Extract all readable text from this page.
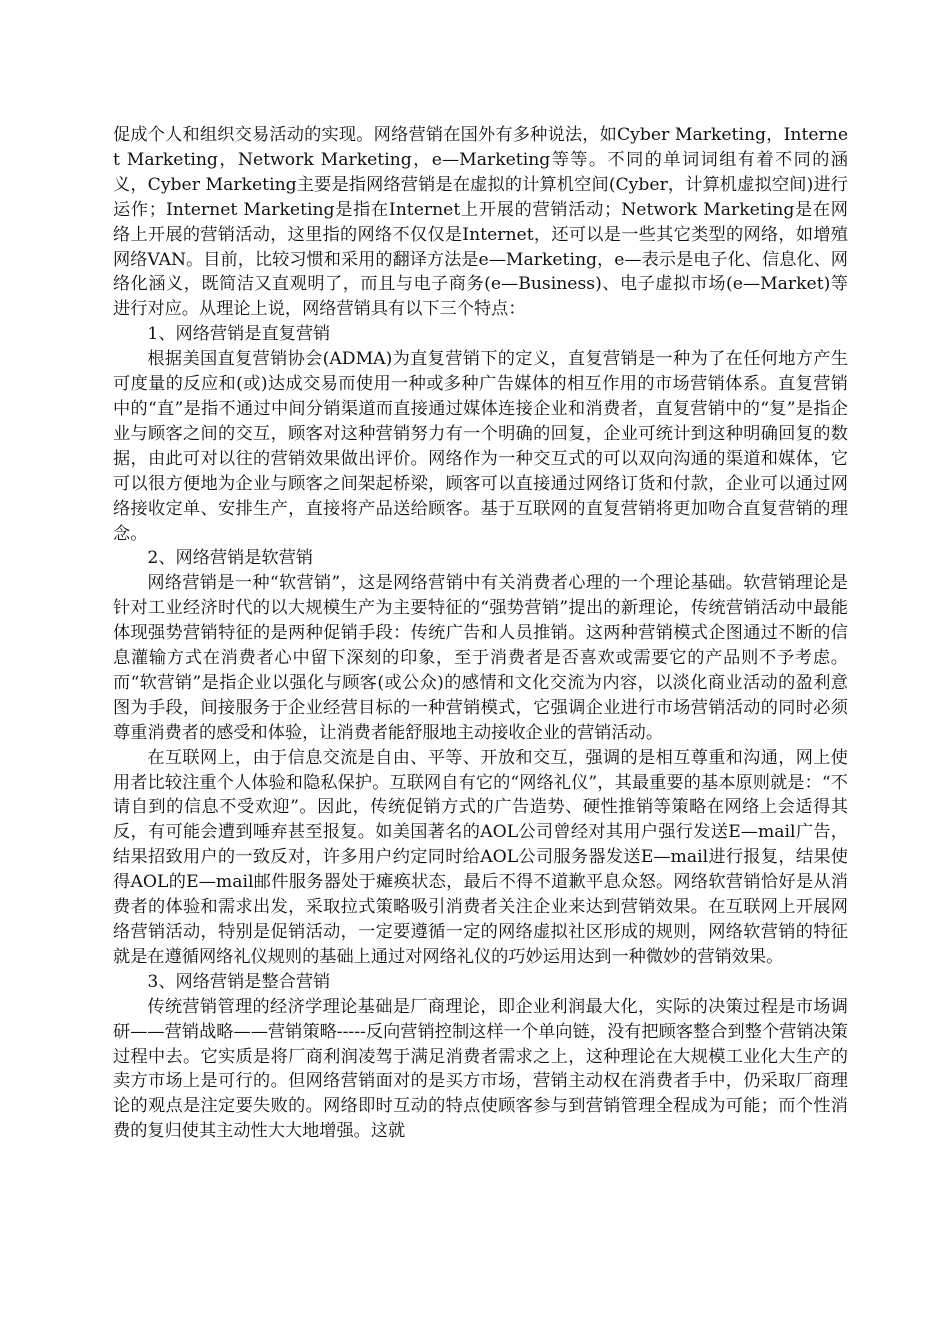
促成个人和组织交易活动的实现。网络营销在国外有多种说法，如Cyber Marketing，Internet Marketing，Network Marketing，e—Marketing等等。不同的单词词组有着不同的涵义，Cyber Marketing主要是指网络营销是在虚拟的计算机空间(Cyber，计算机虚拟空间)进行运作；Internet Marketing是指在Internet上开展的营销活动；Network Marketing是在网络上开展的营销活动，这里指的网络不仅仅是Internet，还可以是一些其它类型的网络，如增殖网络VAN。目前，比较习惯和采用的翻译方法是e—Marketing，e—表示是电子化、信息化、网络化涵义，既简洁又直观明了，而且与电子商务(e—Business)、电子虚拟市场(e—Market)等进行对应。从理论上说，网络营销具有以下三个特点：

1、网络营销是直复营销

根据美国直复营销协会(ADMA)为直复营销下的定义，直复营销是一种为了在任何地方产生可度量的反应和(或)达成交易而使用一种或多种广告媒体的相互作用的市场营销体系。直复营销中的“直”是指不通过中间分销渠道而直接通过媒体连接企业和消费者，直复营销中的“复”是指企业与顾客之间的交互，顾客对这种营销努力有一个明确的回复，企业可统计到这种明确回复的数据，由此可对以往的营销效果做出评价。网络作为一种交互式的可以双向沟通的渠道和媒体，它可以很方便地为企业与顾客之间架起桥梁，顾客可以直接通过网络订货和付款，企业可以通过网络接收定单、安排生产，直接将产品送给顾客。基于互联网的直复营销将更加吻合直复营销的理念。

2、网络营销是软营销

网络营销是一种“软营销”，这是网络营销中有关消费者心理的一个理论基础。软营销理论是针对工业经济时代的以大规模生产为主要特征的“强势营销”提出的新理论，传统营销活动中最能体现强势营销特征的是两种促销手段：传统广告和人员推销。这两种营销模式企图通过不断的信息灌输方式在消费者心中留下深刻的印象，至于消费者是否喜欢或需要它的产品则不予考虑。而“软营销”是指企业以强化与顾客(或公众)的感情和文化交流为内容，以淡化商业活动的盈利意图为手段，间接服务于企业经营目标的一种营销模式，它强调企业进行市场营销活动的同时必须尊重消费者的感受和体验，让消费者能舒服地主动接收企业的营销活动。

在互联网上，由于信息交流是自由、平等、开放和交互，强调的是相互尊重和沟通，网上使用者比较注重个人体验和隐私保护。互联网自有它的“网络礼仪”，其最重要的基本原则就是：“不请自到的信息不受欢迎”。因此，传统促销方式的广告造势、硬性推销等策略在网络上会适得其反，有可能会遭到唾弃甚至报复。如美国著名的AOL公司曾经对其用户强行发送E—mail广告，结果招致用户的一致反对，许多用户约定同时给AOL公司服务器发送E—mail进行报复，结果使得AOL的E—mail邮件服务器处于瘫痪状态，最后不得不道歉平息众怒。网络软营销恰好是从消费者的体验和需求出发，采取拉式策略吸引消费者关注企业来达到营销效果。在互联网上开展网络营销活动，特别是促销活动，一定要遵循一定的网络虚拟社区形成的规则，网络软营销的特征就是在遵循网络礼仪规则的基础上通过对网络礼仪的巧妙运用达到一种微妙的营销效果。

3、网络营销是整合营销

传统营销管理的经济学理论基础是厂商理论，即企业利润最大化，实际的决策过程是市场调研——营销战略——营销策略-----反向营销控制这样一个单向链，没有把顾客整合到整个营销决策过程中去。它实质是将厂商利润凌驾于满足消费者需求之上，这种理论在大规模工业化大生产的卖方市场上是可行的。但网络营销面对的是买方市场，营销主动权在消费者手中，仍采取厂商理论的观点是注定要失败的。网络即时互动的特点使顾客参与到营销管理全程成为可能；而个性消费的复归使其主动性大大地增强。这就
